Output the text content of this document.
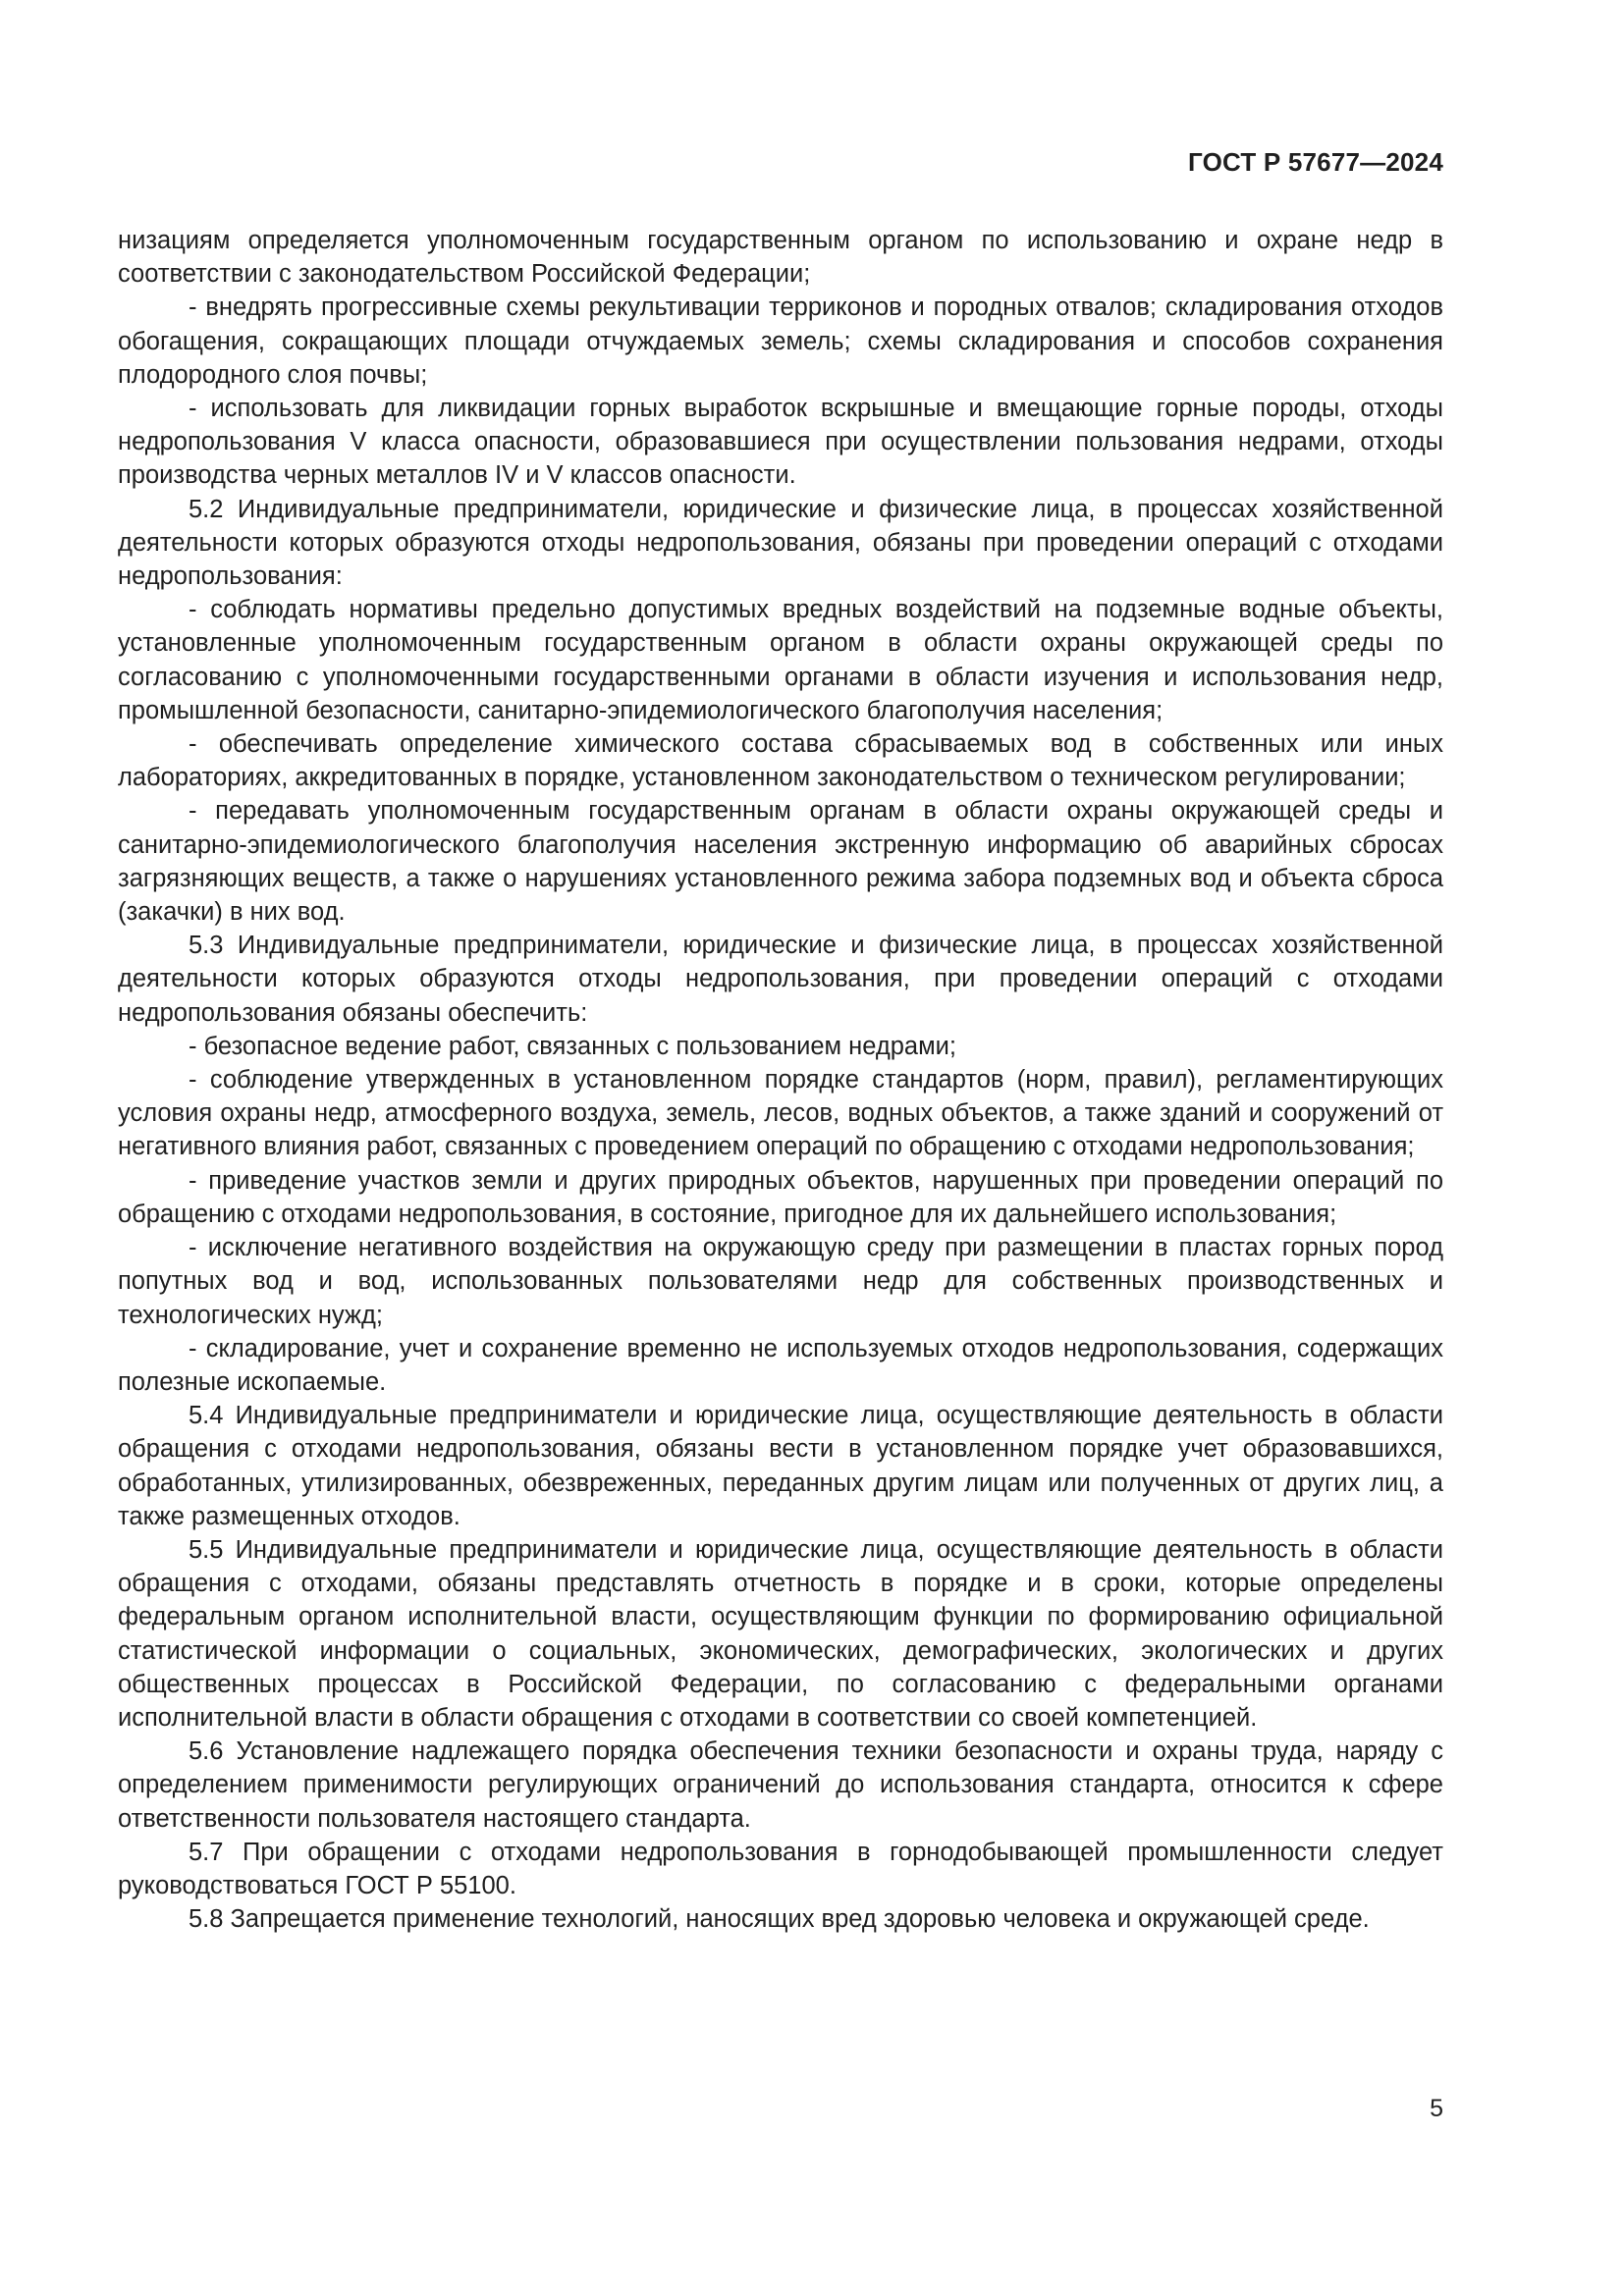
ГОСТ Р 57677—2024

низациям определяется уполномоченным государственным органом по использованию и охране недр в соответствии с законодательством Российской Федерации;

- внедрять прогрессивные схемы рекультивации терриконов и породных отвалов; складирования отходов обогащения, сокращающих площади отчуждаемых земель; схемы складирования и способов сохранения плодородного слоя почвы;

- использовать для ликвидации горных выработок вскрышные и вмещающие горные породы, отходы недропользования V класса опасности, образовавшиеся при осуществлении пользования недрами, отходы производства черных металлов IV и V классов опасности.

5.2 Индивидуальные предприниматели, юридические и физические лица, в процессах хозяйственной деятельности которых образуются отходы недропользования, обязаны при проведении операций с отходами недропользования:

- соблюдать нормативы предельно допустимых вредных воздействий на подземные водные объекты, установленные уполномоченным государственным органом в области охраны окружающей среды по согласованию с уполномоченными государственными органами в области изучения и использования недр, промышленной безопасности, санитарно-эпидемиологического благополучия населения;

- обеспечивать определение химического состава сбрасываемых вод в собственных или иных лабораториях, аккредитованных в порядке, установленном законодательством о техническом регулировании;

- передавать уполномоченным государственным органам в области охраны окружающей среды и санитарно-эпидемиологического благополучия населения экстренную информацию об аварийных сбросах загрязняющих веществ, а также о нарушениях установленного режима забора подземных вод и объекта сброса (закачки) в них вод.

5.3 Индивидуальные предприниматели, юридические и физические лица, в процессах хозяйственной деятельности которых образуются отходы недропользования, при проведении операций с отходами недропользования обязаны обеспечить:

- безопасное ведение работ, связанных с пользованием недрами;

- соблюдение утвержденных в установленном порядке стандартов (норм, правил), регламентирующих условия охраны недр, атмосферного воздуха, земель, лесов, водных объектов, а также зданий и сооружений от негативного влияния работ, связанных с проведением операций по обращению с отходами недропользования;

- приведение участков земли и других природных объектов, нарушенных при проведении операций по обращению с отходами недропользования, в состояние, пригодное для их дальнейшего использования;

- исключение негативного воздействия на окружающую среду при размещении в пластах горных пород попутных вод и вод, использованных пользователями недр для собственных производственных и технологических нужд;

- складирование, учет и сохранение временно не используемых отходов недропользования, содержащих полезные ископаемые.

5.4 Индивидуальные предприниматели и юридические лица, осуществляющие деятельность в области обращения с отходами недропользования, обязаны вести в установленном порядке учет образовавшихся, обработанных, утилизированных, обезвреженных, переданных другим лицам или полученных от других лиц, а также размещенных отходов.

5.5 Индивидуальные предприниматели и юридические лица, осуществляющие деятельность в области обращения с отходами, обязаны представлять отчетность в порядке и в сроки, которые определены федеральным органом исполнительной власти, осуществляющим функции по формированию официальной статистической информации о социальных, экономических, демографических, экологических и других общественных процессах в Российской Федерации, по согласованию с федеральными органами исполнительной власти в области обращения с отходами в соответствии со своей компетенцией.

5.6 Установление надлежащего порядка обеспечения техники безопасности и охраны труда, наряду с определением применимости регулирующих ограничений до использования стандарта, относится к сфере ответственности пользователя настоящего стандарта.

5.7 При обращении с отходами недропользования в горнодобывающей промышленности следует руководствоваться ГОСТ Р 55100.

5.8 Запрещается применение технологий, наносящих вред здоровью человека и окружающей среде.

5
